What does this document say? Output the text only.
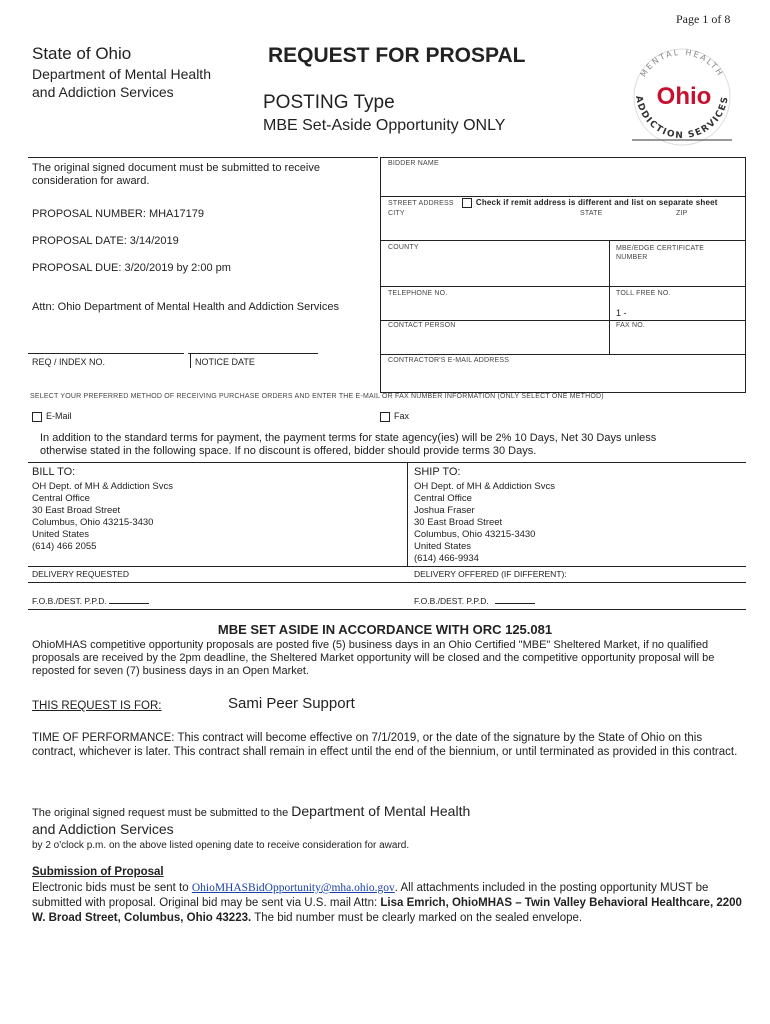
Page 1 of 8
State of Ohio
Department of Mental Health
and Addiction Services
REQUEST FOR PROSPAL
POSTING Type
MBE Set-Aside Opportunity ONLY
MENTAL HEALTH
ADDICTION SERVICES
Ohio
The original signed document must be submitted to receive consideration for award.
PROPOSAL NUMBER: MHA17179
PROPOSAL DATE: 3/14/2019
PROPOSAL DUE: 3/20/2019 by 2:00 pm
Attn: Ohio Department of Mental Health and Addiction Services
REQ / INDEX NO.	NOTICE DATE
BIDDER NAME
STREET ADDRESS	Check if remit address is different and list on separate sheet
CITY	STATE	ZIP
COUNTY	MBE/EDGE CERTIFICATE NUMBER
TELEPHONE NO.	TOLL FREE NO.
1 -
CONTACT PERSON	FAX NO.
CONTRACTOR'S E-MAIL ADDRESS
SELECT YOUR PREFERRED METHOD OF RECEIVING PURCHASE ORDERS AND ENTER THE E-MAIL OR FAX NUMBER INFORMATION (ONLY SELECT ONE METHOD)
E-Mail	Fax
In addition to the standard terms for payment, the payment terms for state agency(ies) will be 2% 10 Days, Net 30 Days unless otherwise stated in the following space. If no discount is offered, bidder should provide terms 30 Days.
BILL TO:
OH Dept. of MH & Addiction Svcs
Central Office
30 East Broad Street
Columbus, Ohio 43215-3430
United States
(614) 466 2055
SHIP TO:
OH Dept. of MH & Addiction Svcs
Central Office
Joshua Fraser
30 East Broad Street
Columbus, Ohio 43215-3430
United States
(614) 466-9934
DELIVERY REQUESTED	DELIVERY OFFERED (IF DIFFERENT):
F.O.B./DEST. P.P.D.	F.O.B./DEST. P.P.D.
MBE SET ASIDE IN ACCORDANCE WITH ORC 125.081
OhioMHAS competitive opportunity proposals are posted five (5) business days in an Ohio Certified "MBE" Sheltered Market, if no qualified proposals are received by the 2pm deadline, the Sheltered Market opportunity will be closed and the competitive opportunity proposal will be reposted for seven (7) business days in an Open Market.
THIS REQUEST IS FOR:	Sami Peer Support
TIME OF PERFORMANCE: This contract will become effective on 7/1/2019, or the date of the signature by the State of Ohio on this contract, whichever is later. This contract shall remain in effect until the end of the biennium, or until terminated as provided in this contract.
The original signed request must be submitted to the Department of Mental Health
and Addiction Services
by 2 o'clock p.m. on the above listed opening date to receive consideration for award.
Submission of Proposal
Electronic bids must be sent to OhioMHASBidOpportunity@mha.ohio.gov. All attachments included in the posting opportunity MUST be submitted with proposal. Original bid may be sent via U.S. mail Attn: Lisa Emrich, OhioMHAS – Twin Valley Behavioral Healthcare, 2200 W. Broad Street, Columbus, Ohio 43223. The bid number must be clearly marked on the sealed envelope.
